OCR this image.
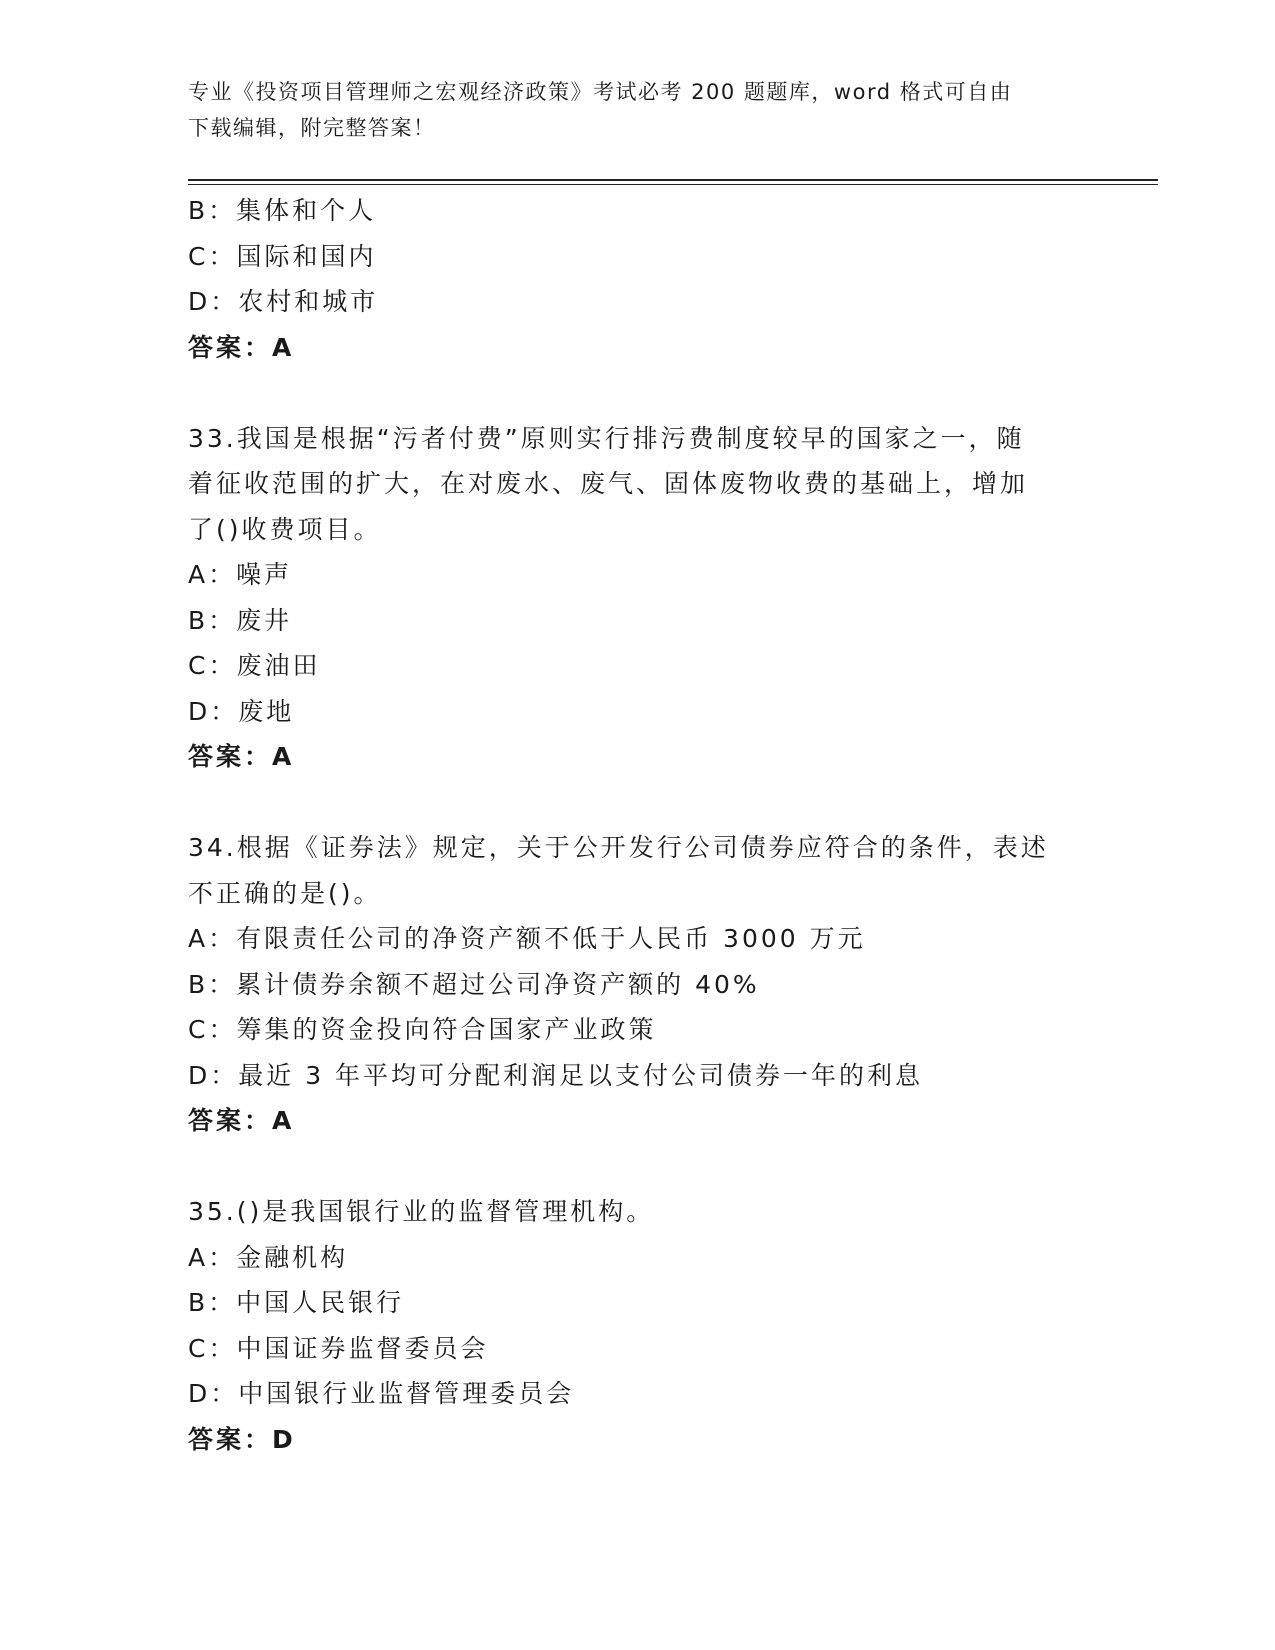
专业《投资项目管理师之宏观经济政策》考试必考 200 题题库，word 格式可自由
下载编辑，附完整答案！
B：集体和个人
C：国际和国内
D：农村和城市
答案：A
33.我国是根据“污者付费”原则实行排污费制度较早的国家之一，随
着征收范围的扩大，在对废水、废气、固体废物收费的基础上，增加
了()收费项目。
A：噪声
B：废井
C：废油田
D：废地
答案：A
34.根据《证券法》规定，关于公开发行公司债券应符合的条件，表述
不正确的是()。
A：有限责任公司的净资产额不低于人民币 3000 万元
B：累计债券余额不超过公司净资产额的 40%
C：筹集的资金投向符合国家产业政策
D：最近 3 年平均可分配利润足以支付公司债券一年的利息
答案：A
35.()是我国银行业的监督管理机构。
A：金融机构
B：中国人民银行
C：中国证券监督委员会
D：中国银行业监督管理委员会
答案：D
